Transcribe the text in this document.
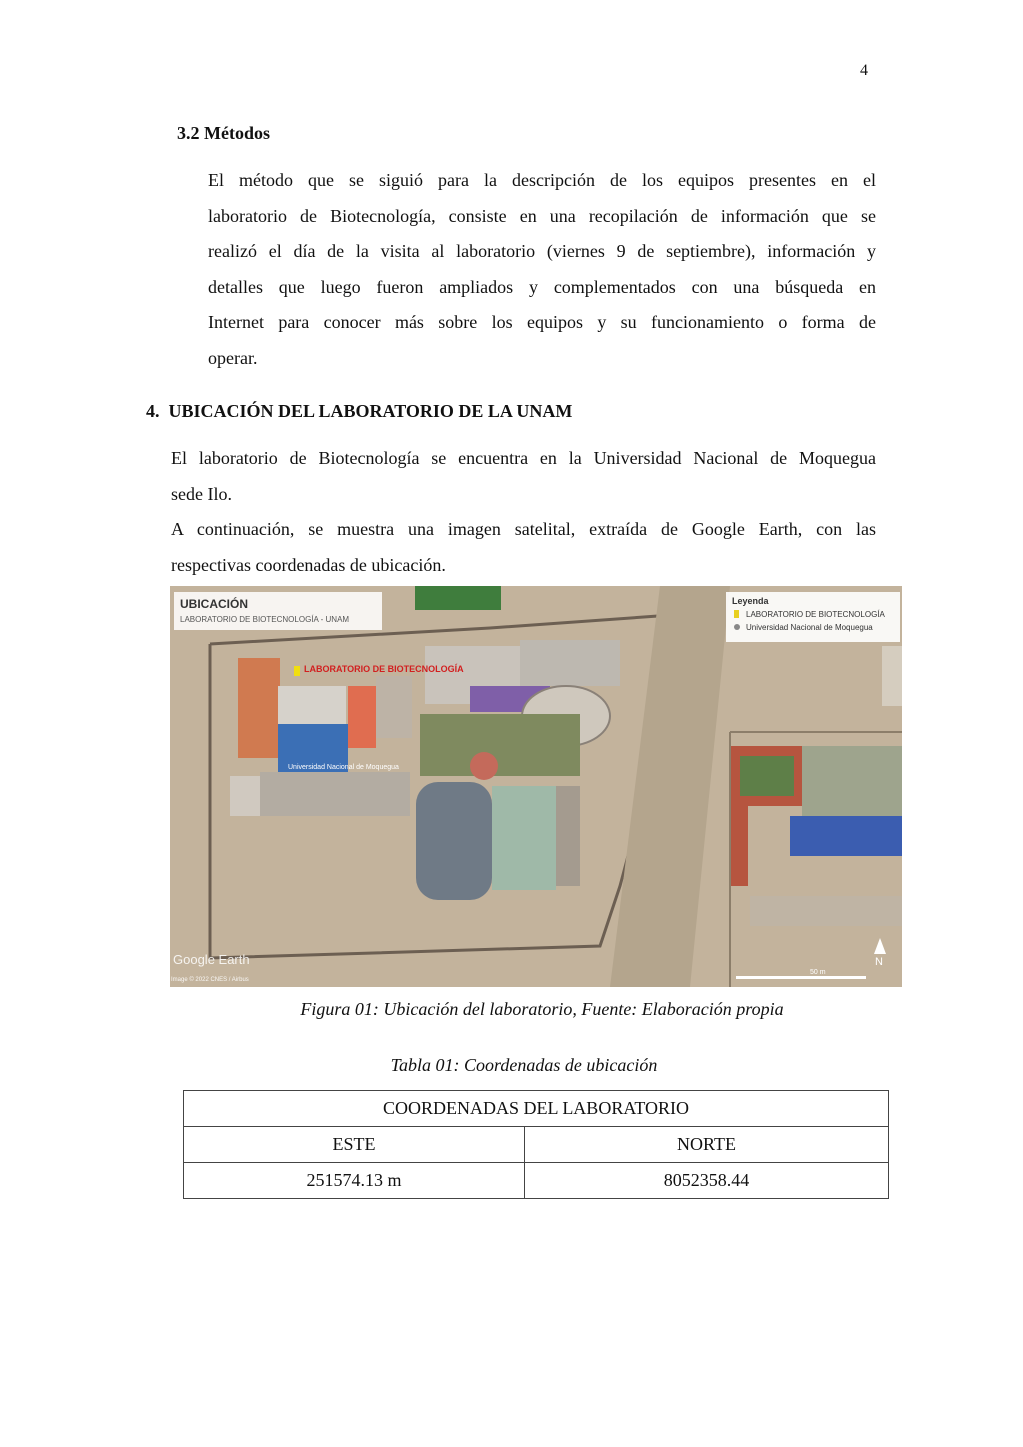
4
3.2 Métodos
El método que se siguió para la descripción de los equipos presentes en el
laboratorio de Biotecnología, consiste en una recopilación de información que se
realizó el día de la visita al laboratorio (viernes 9 de septiembre), información y
detalles que luego fueron ampliados y complementados con una búsqueda en
Internet para conocer más sobre los equipos y su funcionamiento o forma de
operar.
4.  UBICACIÓN DEL LABORATORIO DE LA UNAM
El laboratorio de Biotecnología se encuentra en la Universidad Nacional de Moquegua
sede Ilo.
A continuación, se muestra una imagen satelital, extraída de Google Earth, con las
respectivas coordenadas de ubicación.
UBICACIÓN
LABORATORIO DE BIOTECNOLOGÍA - UNAM
Leyenda
LABORATORIO DE BIOTECNOLOGÍA
Universidad Nacional de Moquegua
LABORATORIO DE BIOTECNOLOGÍA
Universidad Nacional de Moquegua
Google Earth
Image © 2022 CNES / Airbus
50 m
N
Figura 01: Ubicación del laboratorio, Fuente: Elaboración propia
Tabla 01: Coordenadas de ubicación
COORDENADAS DEL LABORATORIO	
ESTE	NORTE
251574.13 m	8052358.44
